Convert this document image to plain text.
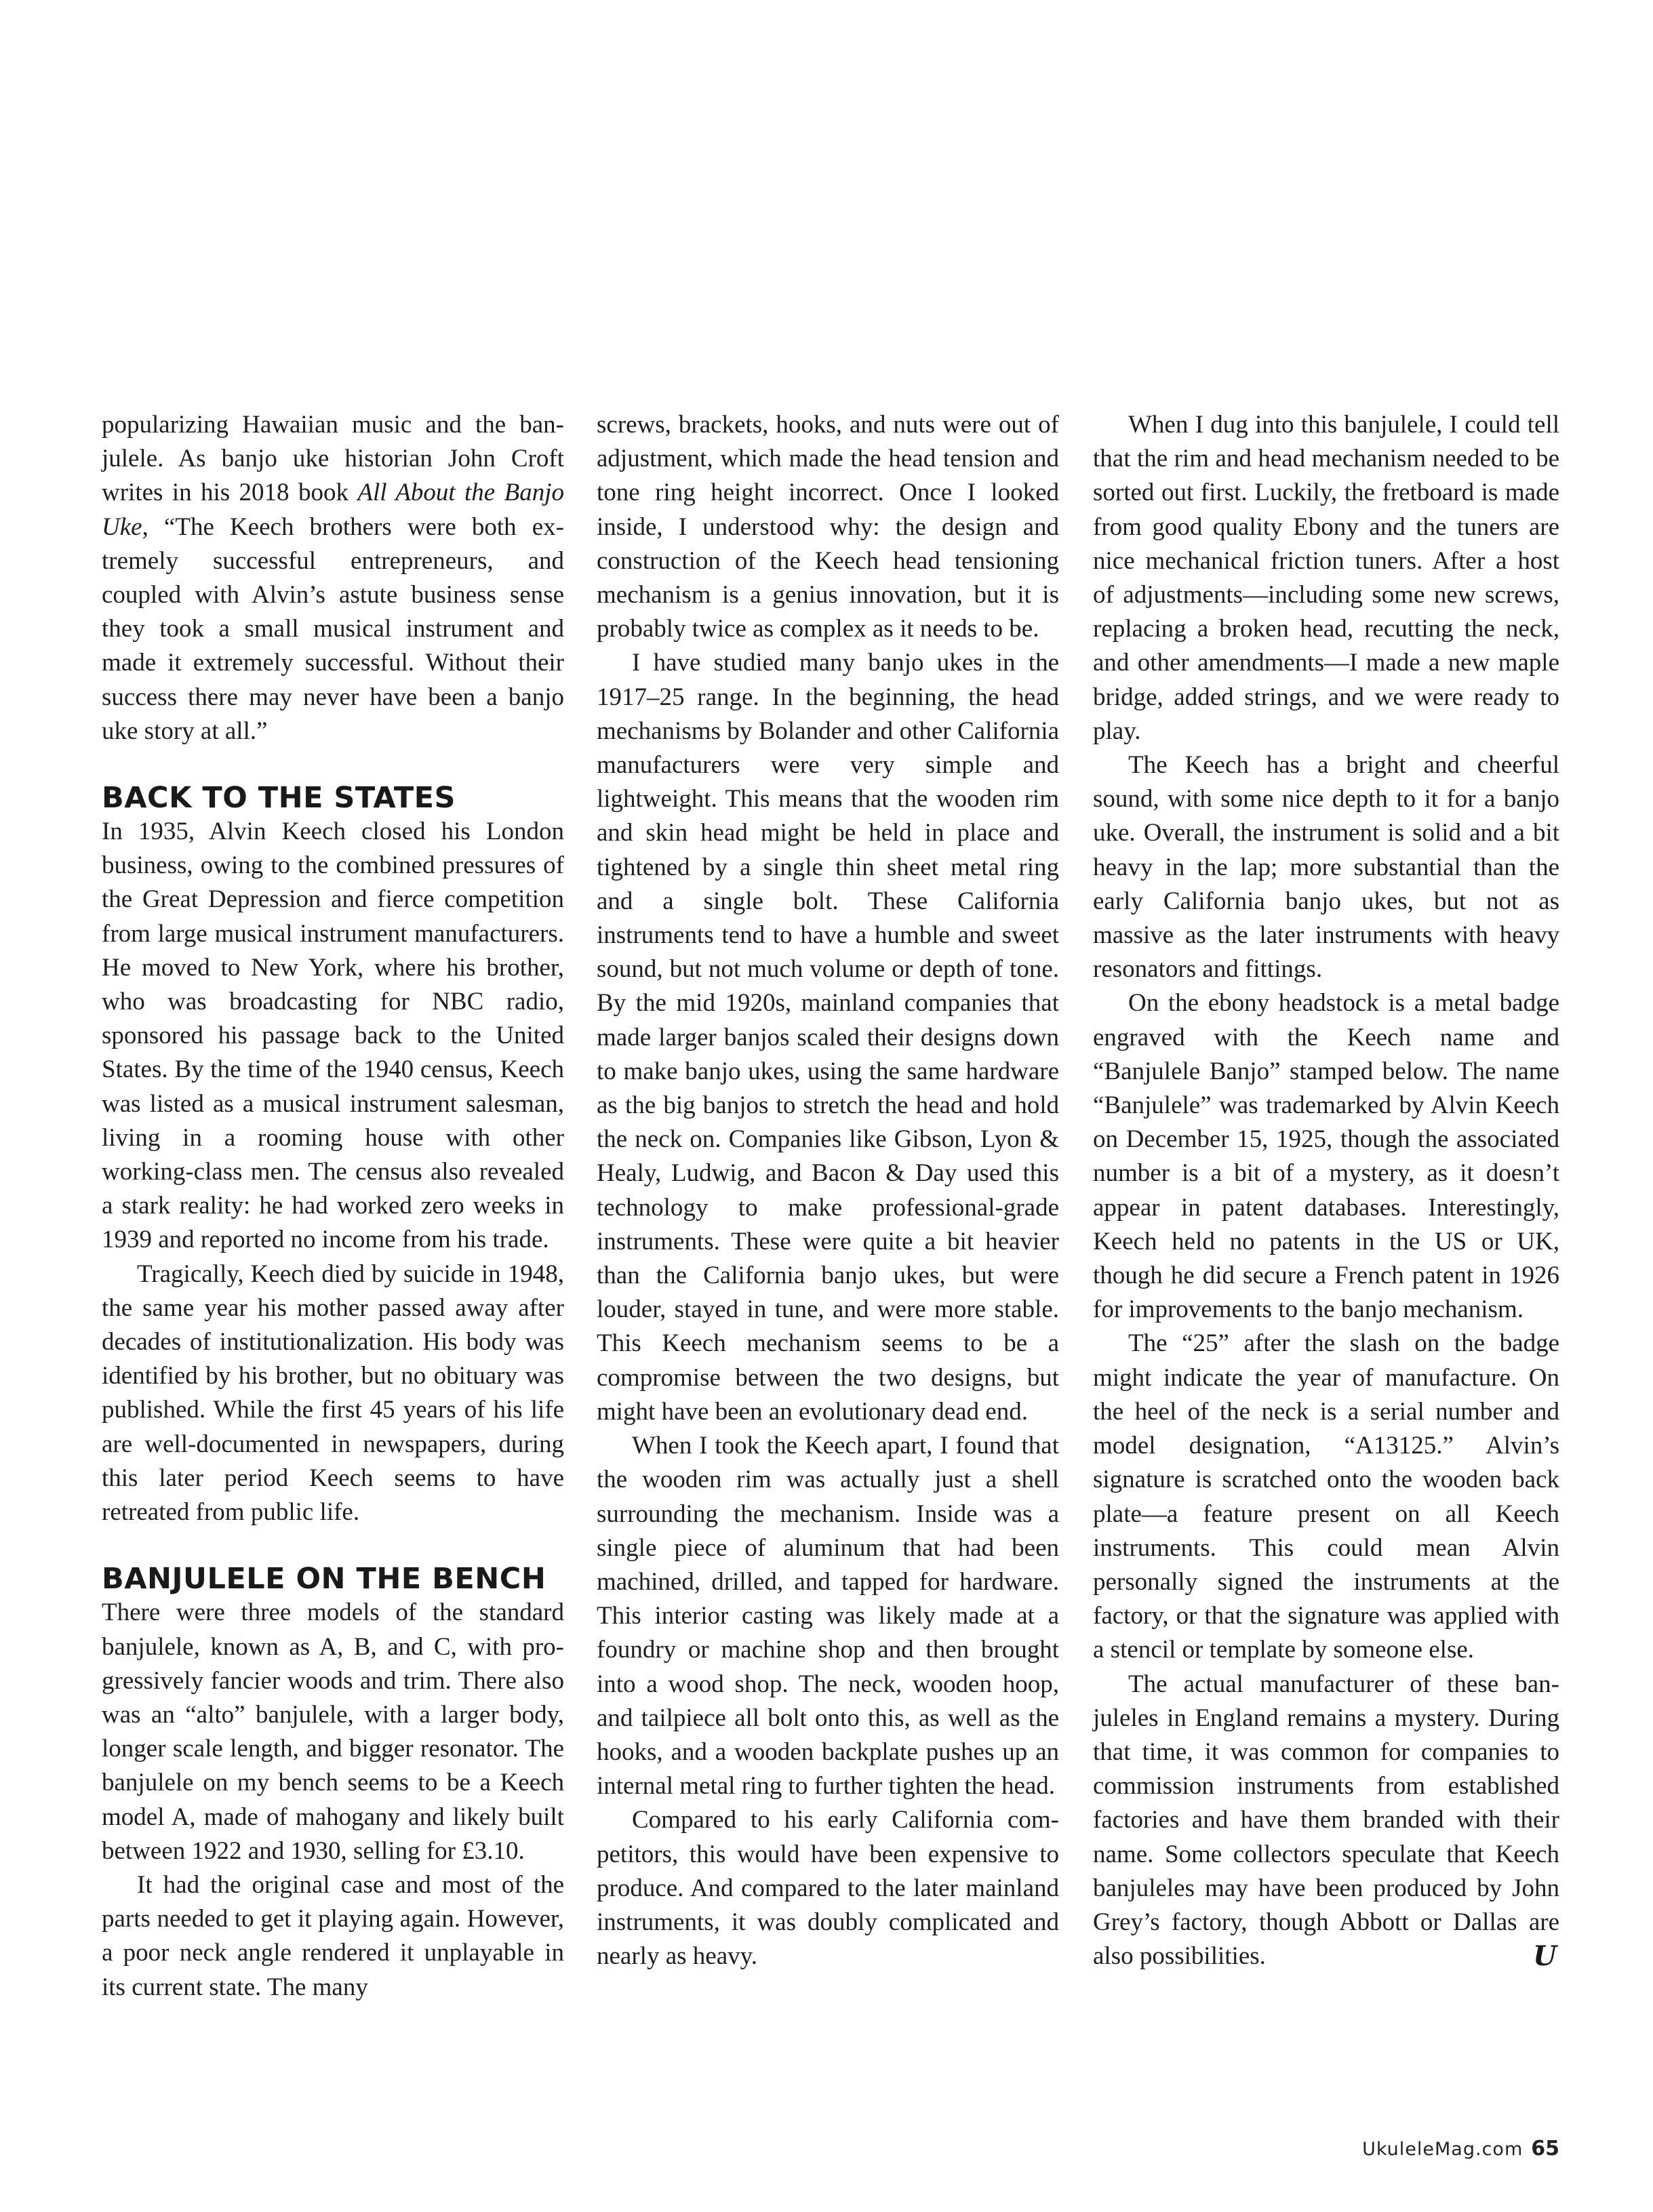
popularizing Hawaiian music and the banjulele. As banjo uke historian John Croft writes in his 2018 book All About the Banjo Uke, “The Keech brothers were both extremely successful entrepreneurs, and coupled with Alvin’s astute business sense they took a small musical instrument and made it extremely successful. Without their success there may never have been a banjo uke story at all.”

BACK TO THE STATES

In 1935, Alvin Keech closed his London business, owing to the combined pressures of the Great Depression and fierce competition from large musical instrument manufacturers. He moved to New York, where his brother, who was broadcasting for NBC radio, sponsored his passage back to the United States. By the time of the 1940 census, Keech was listed as a musical instrument salesman, living in a rooming house with other working-class men. The census also revealed a stark reality: he had worked zero weeks in 1939 and reported no income from his trade.

Tragically, Keech died by suicide in 1948, the same year his mother passed away after decades of institutionalization. His body was identified by his brother, but no obituary was published. While the first 45 years of his life are well-documented in newspapers, during this later period Keech seems to have retreated from public life.

BANJULELE ON THE BENCH

There were three models of the standard banjulele, known as A, B, and C, with progressively fancier woods and trim. There also was an “alto” banjulele, with a larger body, longer scale length, and bigger resonator. The banjulele on my bench seems to be a Keech model A, made of mahogany and likely built between 1922 and 1930, selling for £3.10.

It had the original case and most of the parts needed to get it playing again. However, a poor neck angle rendered it unplayable in its current state. The many

screws, brackets, hooks, and nuts were out of adjustment, which made the head tension and tone ring height incorrect. Once I looked inside, I understood why: the design and construction of the Keech head tensioning mechanism is a genius innovation, but it is probably twice as complex as it needs to be.

I have studied many banjo ukes in the 1917–25 range. In the beginning, the head mechanisms by Bolander and other California manufacturers were very simple and lightweight. This means that the wooden rim and skin head might be held in place and tightened by a single thin sheet metal ring and a single bolt. These California instruments tend to have a humble and sweet sound, but not much volume or depth of tone. By the mid 1920s, mainland companies that made larger banjos scaled their designs down to make banjo ukes, using the same hardware as the big banjos to stretch the head and hold the neck on. Companies like Gibson, Lyon & Healy, Ludwig, and Bacon & Day used this technology to make professional-grade instruments. These were quite a bit heavier than the California banjo ukes, but were louder, stayed in tune, and were more stable. This Keech mechanism seems to be a compromise between the two designs, but might have been an evolutionary dead end.

When I took the Keech apart, I found that the wooden rim was actually just a shell surrounding the mechanism. Inside was a single piece of aluminum that had been machined, drilled, and tapped for hardware. This interior casting was likely made at a foundry or machine shop and then brought into a wood shop. The neck, wooden hoop, and tailpiece all bolt onto this, as well as the hooks, and a wooden backplate pushes up an internal metal ring to further tighten the head.

Compared to his early California competitors, this would have been expensive to produce. And compared to the later mainland instruments, it was doubly complicated and nearly as heavy.

When I dug into this banjulele, I could tell that the rim and head mechanism needed to be sorted out first. Luckily, the fretboard is made from good quality Ebony and the tuners are nice mechanical friction tuners. After a host of adjustments—including some new screws, replacing a broken head, recutting the neck, and other amendments—I made a new maple bridge, added strings, and we were ready to play.

The Keech has a bright and cheerful sound, with some nice depth to it for a banjo uke. Overall, the instrument is solid and a bit heavy in the lap; more substantial than the early California banjo ukes, but not as massive as the later instruments with heavy resonators and fittings.

On the ebony headstock is a metal badge engraved with the Keech name and “Banjulele Banjo” stamped below. The name “Banjulele” was trademarked by Alvin Keech on December 15, 1925, though the associated number is a bit of a mystery, as it doesn’t appear in patent databases. Interestingly, Keech held no patents in the US or UK, though he did secure a French patent in 1926 for improvements to the banjo mechanism.

The “25” after the slash on the badge might indicate the year of manufacture. On the heel of the neck is a serial number and model designation, “A13125.” Alvin’s signature is scratched onto the wooden back plate—a feature present on all Keech instruments. This could mean Alvin personally signed the instruments at the factory, or that the signature was applied with a stencil or template by someone else.

The actual manufacturer of these banjuleles in England remains a mystery. During that time, it was common for companies to commission instruments from established factories and have them branded with their name. Some collectors speculate that Keech banjuleles may have been produced by John Grey’s factory, though Abbott or Dallas are also possibilities.	U

UkuleleMag.com 65
